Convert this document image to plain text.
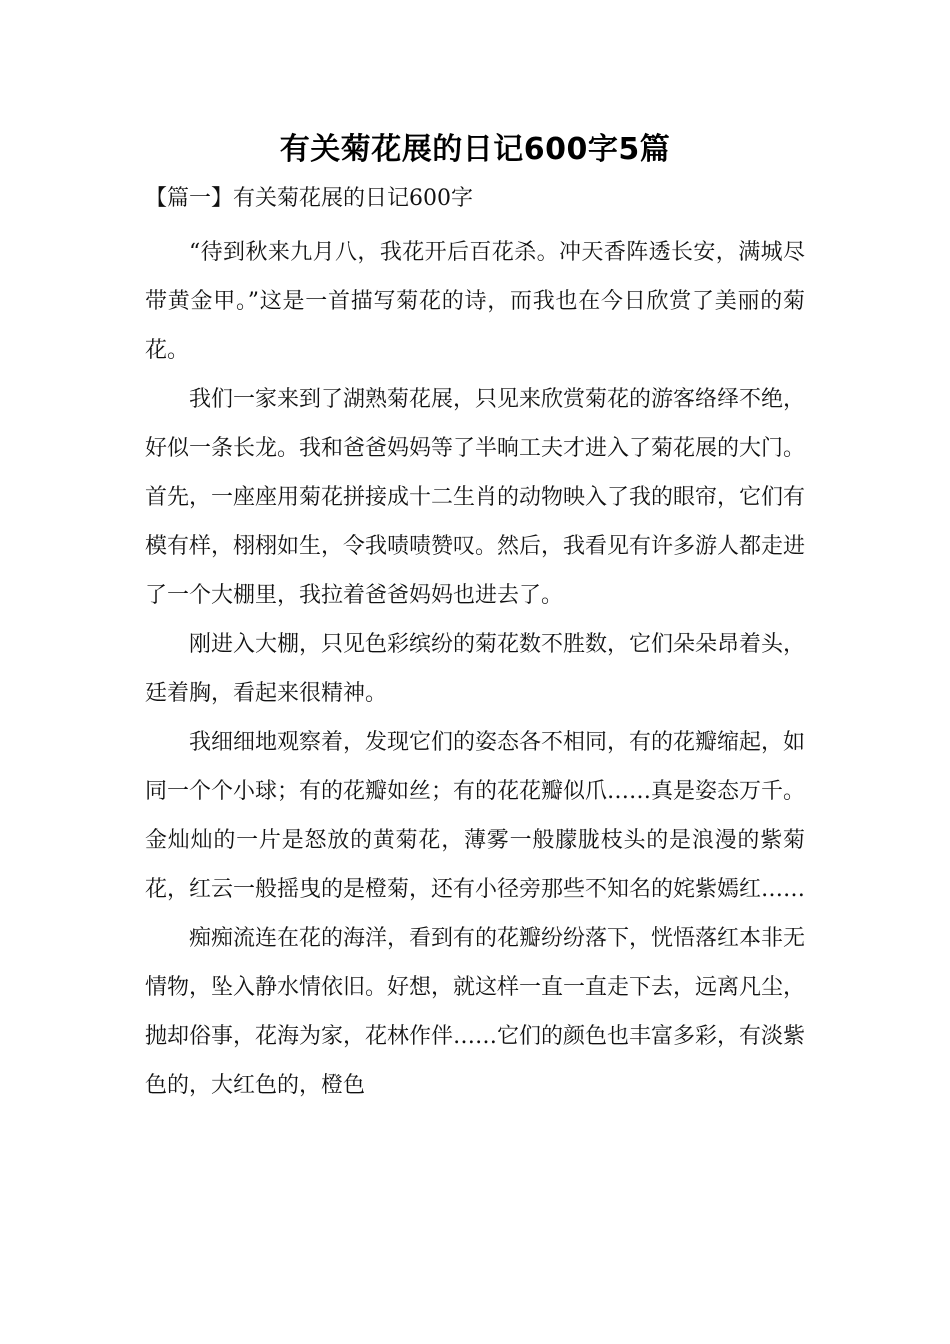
有关菊花展的日记600字5篇
【篇一】有关菊花展的日记600字

“待到秋来九月八，我花开后百花杀。冲天香阵透长安，满城尽带黄金甲。”这是一首描写菊花的诗，而我也在今日欣赏了美丽的菊花。

我们一家来到了湖熟菊花展，只见来欣赏菊花的游客络绎不绝，好似一条长龙。我和爸爸妈妈等了半晌工夫才进入了菊花展的大门。首先，一座座用菊花拼接成十二生肖的动物映入了我的眼帘，它们有模有样，栩栩如生，令我啧啧赞叹。然后，我看见有许多游人都走进了一个大棚里，我拉着爸爸妈妈也进去了。

刚进入大棚，只见色彩缤纷的菊花数不胜数，它们朵朵昂着头，廷着胸，看起来很精神。

我细细地观察着，发现它们的姿态各不相同，有的花瓣缩起，如同一个个小球；有的花瓣如丝；有的花花瓣似爪……真是姿态万千。金灿灿的一片是怒放的黄菊花，薄雾一般朦胧枝头的是浪漫的紫菊花，红云一般摇曳的是橙菊，还有小径旁那些不知名的姹紫嫣红……

痴痴流连在花的海洋，看到有的花瓣纷纷落下，恍悟落红本非无情物，坠入静水情依旧。好想，就这样一直一直走下去，远离凡尘，抛却俗事，花海为家，花林作伴……它们的颜色也丰富多彩，有淡紫色的，大红色的，橙色
